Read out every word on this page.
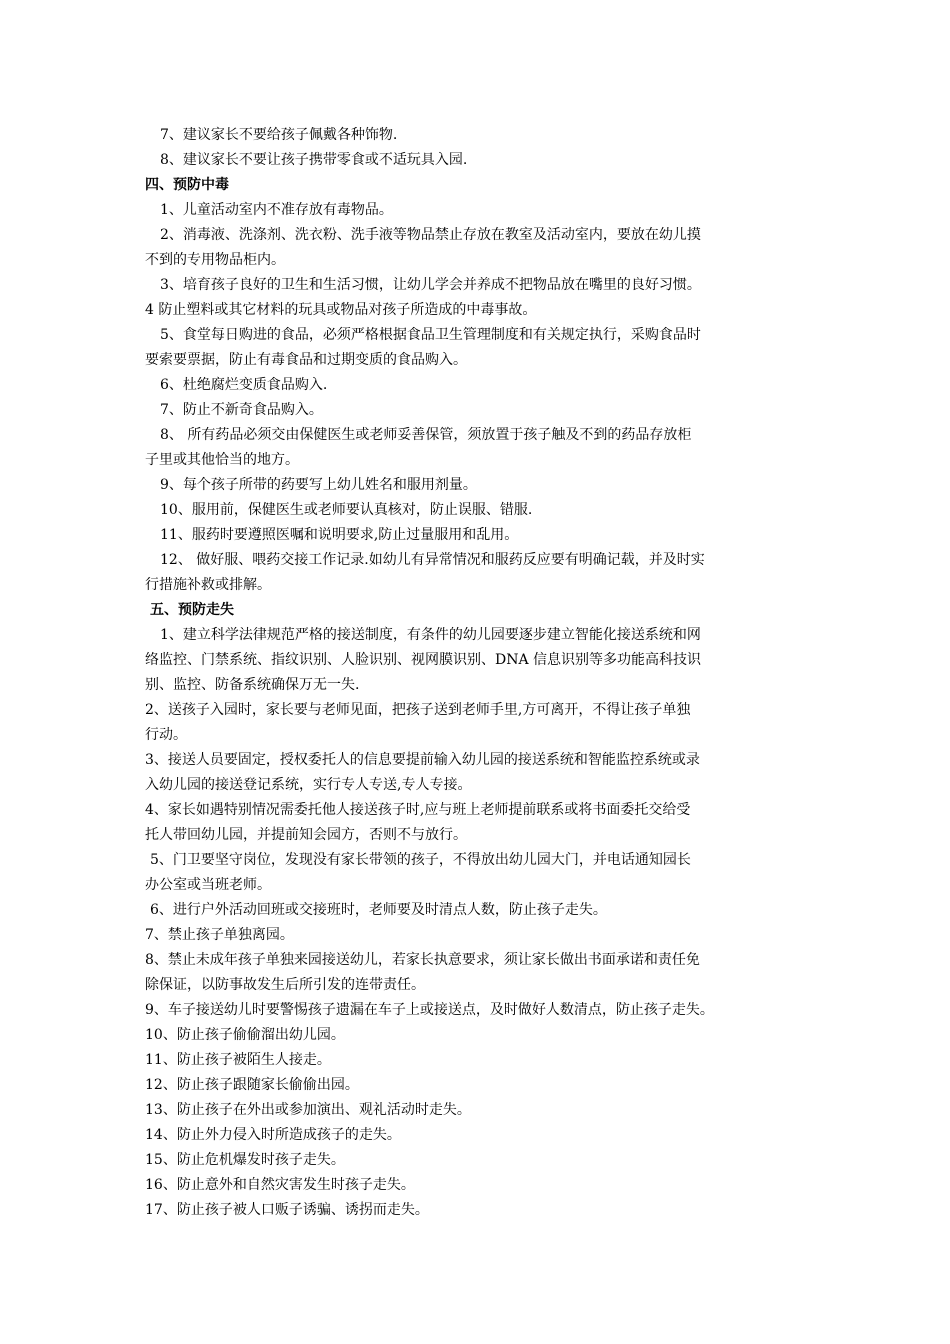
7、建议家长不要给孩子佩戴各种饰物.
8、建议家长不要让孩子携带零食或不适玩具入园.
四、预防中毒
1、儿童活动室内不准存放有毒物品。
2、消毒液、洗涤剂、洗衣粉、洗手液等物品禁止存放在教室及活动室内，要放在幼儿摸
不到的专用物品柜内。
3、培育孩子良好的卫生和生活习惯，让幼儿学会并养成不把物品放在嘴里的良好习惯。
4 防止塑料或其它材料的玩具或物品对孩子所造成的中毒事故。
5、食堂每日购进的食品，必须严格根据食品卫生管理制度和有关规定执行，采购食品时
要索要票据，防止有毒食品和过期变质的食品购入。
6、杜绝腐烂变质食品购入.
7、防止不新奇食品购入。
8、 所有药品必须交由保健医生或老师妥善保管，须放置于孩子触及不到的药品存放柜
子里或其他恰当的地方。
9、每个孩子所带的药要写上幼儿姓名和服用剂量。
10、服用前，保健医生或老师要认真核对，防止误服、错服.
11、服药时要遵照医嘱和说明要求,防止过量服用和乱用。
12、 做好服、喂药交接工作记录.如幼儿有异常情况和服药反应要有明确记载，并及时实
行措施补救或排解。
五、预防走失
1、建立科学法律规范严格的接送制度，有条件的幼儿园要逐步建立智能化接送系统和网
络监控、门禁系统、指纹识别、人脸识别、视网膜识别、DNA 信息识别等多功能高科技识
别、监控、防备系统确保万无一失.
2、送孩子入园时，家长要与老师见面，把孩子送到老师手里,方可离开，不得让孩子单独
行动。
3、接送人员要固定，授权委托人的信息要提前输入幼儿园的接送系统和智能监控系统或录
入幼儿园的接送登记系统，实行专人专送,专人专接。
4、家长如遇特别情况需委托他人接送孩子时,应与班上老师提前联系或将书面委托交给受
托人带回幼儿园，并提前知会园方，否则不与放行。
5、门卫要坚守岗位，发现没有家长带领的孩子，不得放出幼儿园大门，并电话通知园长
办公室或当班老师。
6、进行户外活动回班或交接班时，老师要及时清点人数，防止孩子走失。
7、禁止孩子单独离园。
8、禁止未成年孩子单独来园接送幼儿，若家长执意要求，须让家长做出书面承诺和责任免
除保证，以防事故发生后所引发的连带责任。
9、车子接送幼儿时要警惕孩子遗漏在车子上或接送点，及时做好人数清点，防止孩子走失。
10、防止孩子偷偷溜出幼儿园。
11、防止孩子被陌生人接走。
12、防止孩子跟随家长偷偷出园。
13、防止孩子在外出或参加演出、观礼活动时走失。
14、防止外力侵入时所造成孩子的走失。
15、防止危机爆发时孩子走失。
16、防止意外和自然灾害发生时孩子走失。
17、防止孩子被人口贩子诱骗、诱拐而走失。
